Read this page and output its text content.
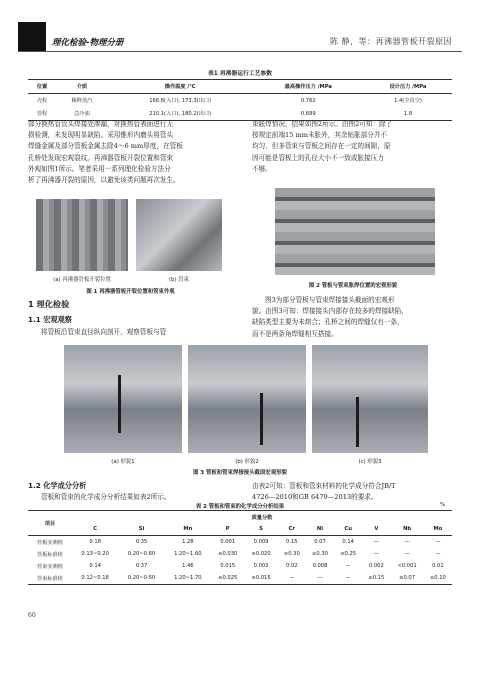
理化检验-物理分册	陈 静，等：再沸器管板开裂原因
表1 再沸器运行工艺参数
位置	介质	操作温度 /℃	最高操作压力 /MPa	设计压力 /MPa
壳程	稀释蒸汽	166.8(入口), 173.3(出口)	0.762	1.4(全真空)
管程	急冷油	210.1(入口), 180.2(出口)	0.689	1.8
部分换热管管头焊接处渗漏，对换热管表面进行无
损检测，未发现明显缺陷。采用锥形内磨头将管头
焊缝金属及部分管板金属去除4～6 mm厚度，在管板
孔桥处发现宏观裂纹。再沸器管板开裂位置和管束
外观如图1所示。笔者采用一系列理化检验方法分
析了再沸器开裂的原因，以避免该类问题再次发生。
束胀焊情况，结果如图2所示。由图2可知：除了
按规定前端15 mm未胀外，其余贴胀部分并不
均匀，但多管束与管板之间存在一定的间隙，原
因可能是管板上的孔径大小不一致或胀接压力
不够。
(a) 再沸器管板开裂位置	(b) 管束
图 1 再沸器管板开裂位置和管束外观
图 2 管板与管束胀焊位置的宏观形貌
1 理化检验
1.1 宏观观察
将管板沿管束直径纵向剖开，观察管板与管
图3为部分管板与管束焊接接头截面的宏观形
貌。由图3可知：焊接接头内部存在较多的焊接缺陷，
缺陷类型主要为未熔合；孔桥之间的焊缝仅有一条，
而不是两条角焊缝相互搭接。
(a) 形貌1	(b) 形貌2	(c) 形貌3
图 3 管板和管束焊接接头截面宏观形貌
1.2 化学成分分析
管板和管束的化学成分分析结果如表2所示。
由表2可知：管板和管束材料的化学成分符合JB/T
4726—2010和GB 6479—2013的要求。
表 2 管板和管束的化学成分分析结果	%
项目	质量分数										
	C	Si	Mn	P	S	Cr	Ni	Cu	V	Nb	Mo
管板实测值	0.18	0.35	1.28	0.001	0.009	0.15	0.07	0.14	—	—	—
管板标准值	0.13~0.20	0.20~0.60	1.20~1.60	≤0.030	≤0.020	≤0.30	≤0.30	≤0.25	—	—	—
管束实测值	0.14	0.37	1.46	0.015	0.003	0.02	0.008	—	0.002	<0.001	0.01
管束标准值	0.12~0.18	0.20~0.50	1.20~1.70	≤0.025	≤0.015	—	—	—	≤0.15	≤0.07	≤0.10
60
